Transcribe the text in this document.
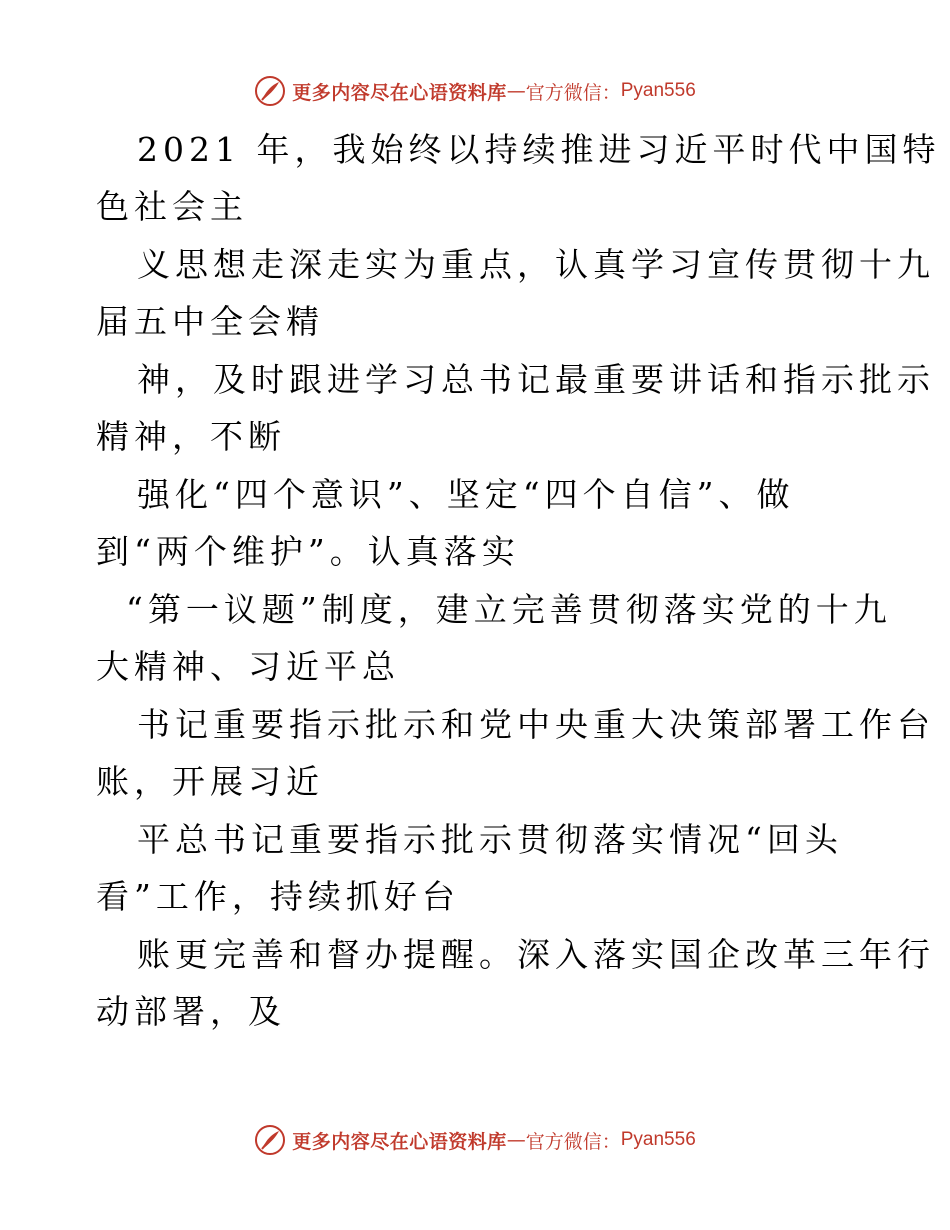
更多内容尽在心语资料库 — 官方微信： Pyan556
2021 年，我始终以持续推进习近平时代中国特
色社会主
义思想走深走实为重点，认真学习宣传贯彻十九
届五中全会精
神，及时跟进学习总书记最重要讲话和指示批示
精神，不断
强化“四个意识”、坚定“四个自信”、做
到“两个维护”。认真落实
“第一议题”制度，建立完善贯彻落实党的十九
大精神、习近平总
书记重要指示批示和党中央重大决策部署工作台
账，开展习近
平总书记重要指示批示贯彻落实情况“回头
看”工作，持续抓好台
账更完善和督办提醒。深入落实国企改革三年行
动部署，及
更多内容尽在心语资料库 — 官方微信： Pyan556
